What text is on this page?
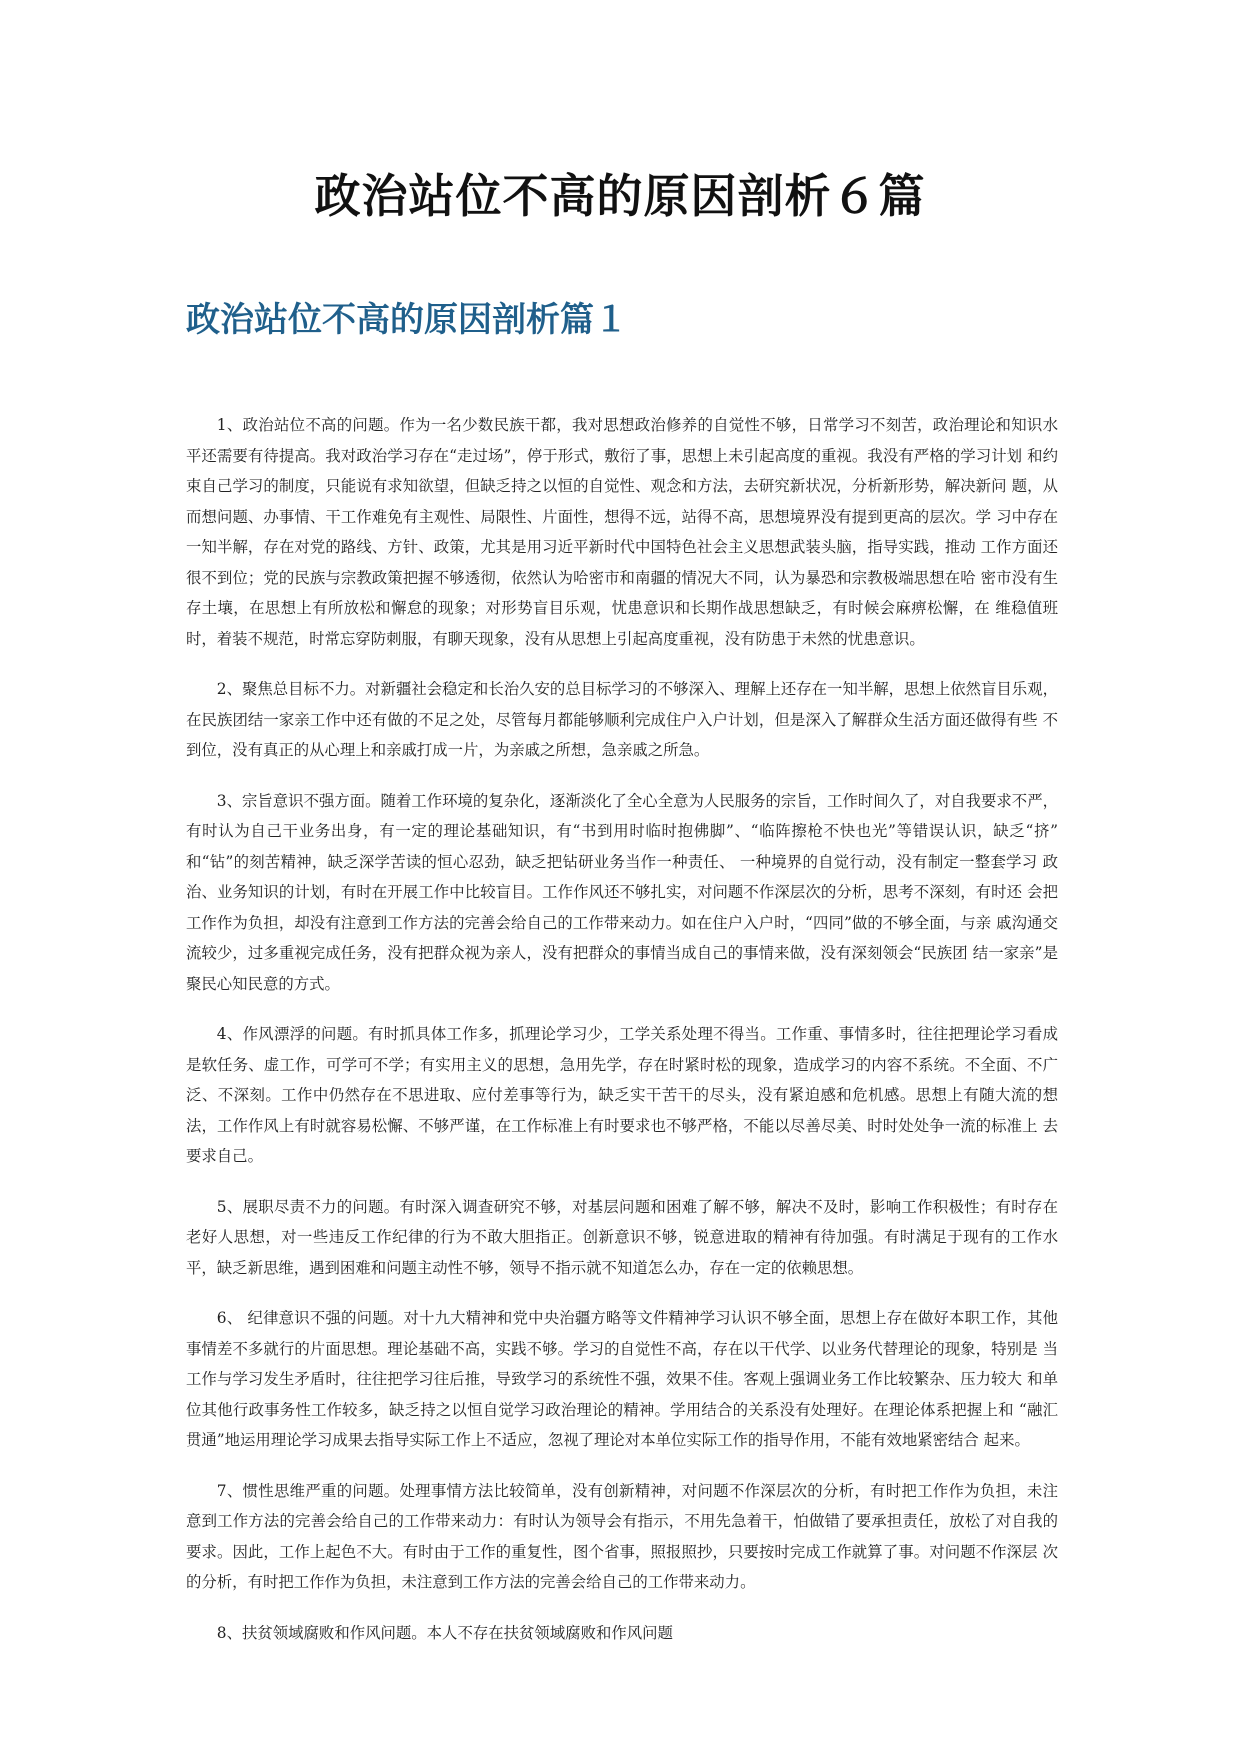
政治站位不高的原因剖析６篇
政治站位不高的原因剖析篇１

1、政治站位不高的问题。作为一名少数民族干都，我对思想政治修养的自觉性不够，日常学习不刻苦，政治理论和知识水 平还需要有待提高。我对政治学习存在“走过场”，停于形式，敷衍了事，思想上未引起高度的重视。我没有严格的学习计划 和约束自己学习的制度，只能说有求知欲望，但缺乏持之以恒的自觉性、观念和方法，去研究新状况，分析新形势，解决新问 题，从而想问题、办事情、干工作难免有主观性、局限性、片面性，想得不远，站得不高，思想境界没有提到更高的层次。学 习中存在一知半解，存在对党的路线、方针、政策，尤其是用习近平新时代中国特色社会主义思想武装头脑，指导实践，推动 工作方面还很不到位；党的民族与宗教政策把握不够透彻，依然认为哈密市和南疆的情况大不同，认为暴恐和宗教极端思想在哈 密市没有生存土壤，在思想上有所放松和懈怠的现象；对形势盲目乐观，忧患意识和长期作战思想缺乏，有时候会麻痹松懈，在 维稳值班时，着装不规范，时常忘穿防刺服，有聊天现象，没有从思想上引起高度重视，没有防患于未然的忧患意识。

2、聚焦总目标不力。对新疆社会稳定和长治久安的总目标学习的不够深入、理解上还存在一知半解，思想上依然盲目乐观， 在民族团结一家亲工作中还有做的不足之处，尽管每月都能够顺利完成住户入户计划，但是深入了解群众生活方面还做得有些 不到位，没有真正的从心理上和亲戚打成一片，为亲戚之所想，急亲戚之所急。

3、宗旨意识不强方面。随着工作环境的复杂化，逐渐淡化了全心全意为人民服务的宗旨，工作时间久了，对自我要求不严，有时认为自己干业务出身，有一定的理论基础知识，有“书到用时临时抱佛脚”、“临阵擦枪不快也光”等错误认识，缺乏“挤” 和“钻”的刻苦精神，缺乏深学苦读的恒心忍劲，缺乏把钻研业务当作一种责任、 一种境界的自觉行动，没有制定一整套学习 政治、业务知识的计划，有时在开展工作中比较盲目。工作作风还不够扎实，对问题不作深层次的分析，思考不深刻，有时还 会把工作作为负担，却没有注意到工作方法的完善会给自己的工作带来动力。如在住户入户时，“四同”做的不够全面，与亲 戚沟通交流较少，过多重视完成任务，没有把群众视为亲人，没有把群众的事情当成自己的事情来做，没有深刻领会“民族团 结一家亲”是聚民心知民意的方式。

4、作风漂浮的问题。有时抓具体工作多，抓理论学习少，工学关系处理不得当。工作重、事情多时，往往把理论学习看成 是软任务、虚工作，可学可不学；有实用主义的思想，急用先学，存在时紧时松的现象，造成学习的内容不系统。不全面、不广 泛、不深刻。工作中仍然存在不思进取、应付差事等行为，缺乏实干苦干的尽头，没有紧迫感和危机感。思想上有随大流的想 法，工作作风上有时就容易松懈、不够严谨，在工作标准上有时要求也不够严格，不能以尽善尽美、时时处处争一流的标准上 去要求自己。

5、展职尽责不力的问题。有时深入调查研究不够，对基层问题和困难了解不够，解决不及时，影响工作积极性；有时存在 老好人思想，对一些违反工作纪律的行为不敢大胆指正。创新意识不够，锐意进取的精神有待加强。有时满足于现有的工作水 平，缺乏新思维，遇到困难和问题主动性不够，领导不指示就不知道怎么办，存在一定的依赖思想。

6、 纪律意识不强的问题。对十九大精神和党中央治疆方略等文件精神学习认识不够全面，思想上存在做好本职工作，其他 事情差不多就行的片面思想。理论基础不高，实践不够。学习的自觉性不高，存在以干代学、以业务代替理论的现象，特别是 当工作与学习发生矛盾时，往往把学习往后推，导致学习的系统性不强，效果不佳。客观上强调业务工作比较繁杂、压力较大 和单位其他行政事务性工作较多，缺乏持之以恒自觉学习政治理论的精神。学用结合的关系没有处理好。在理论体系把握上和 “融汇贯通”地运用理论学习成果去指导实际工作上不适应，忽视了理论对本单位实际工作的指导作用，不能有效地紧密结合 起来。

7、惯性思维严重的问题。处理事情方法比较简单，没有创新精神，对问题不作深层次的分析，有时把工作作为负担，未注 意到工作方法的完善会给自己的工作带来动力：有时认为领导会有指示，不用先急着干，怕做错了要承担责任，放松了对自我的 要求。因此，工作上起色不大。有时由于工作的重复性，图个省事，照报照抄，只要按时完成工作就算了事。对问题不作深层 次的分析，有时把工作作为负担，未注意到工作方法的完善会给自己的工作带来动力。

8、扶贫领域腐败和作风问题。本人不存在扶贫领域腐败和作风问题
